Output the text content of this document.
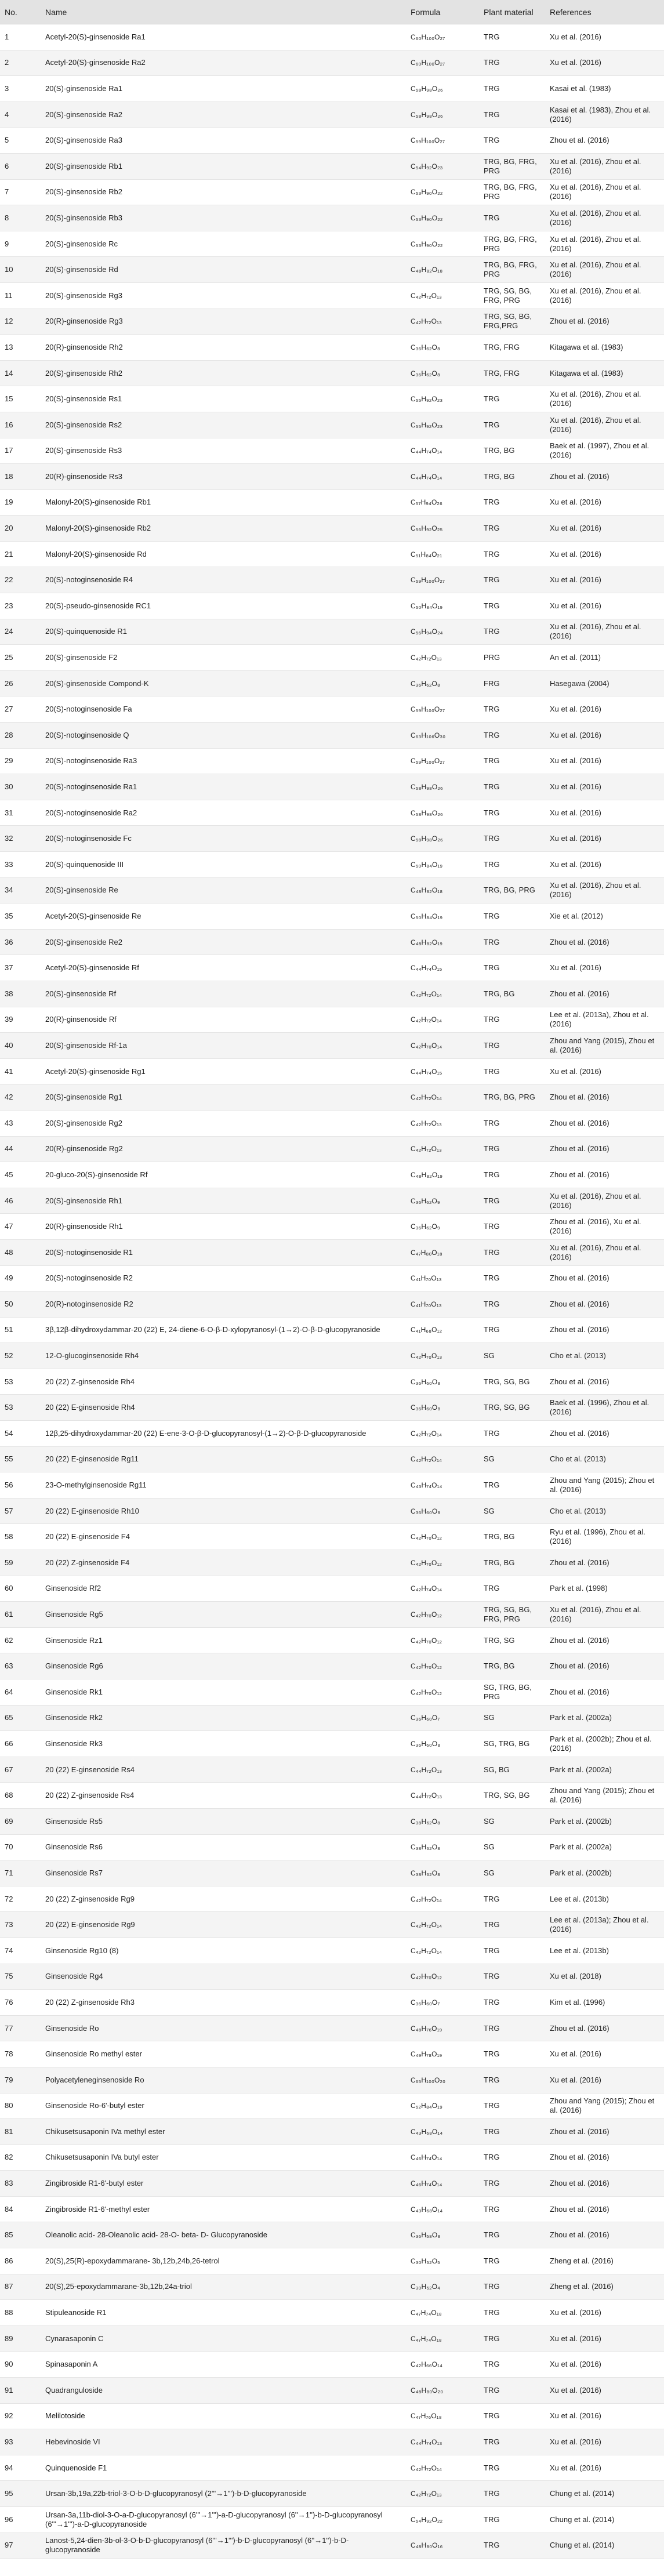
No.	Name	Formula	Plant material	References
1	Acetyl-20(S)-ginsenoside Ra1	C₆₀H₁₀₀O₂₇	TRG	Xu et al. (2016)
2	Acetyl-20(S)-ginsenoside Ra2	C₆₀H₁₀₀O₂₇	TRG	Xu et al. (2016)
3	20(S)-ginsenoside Ra1	C₅₈H₉₈O₂₆	TRG	Kasai et al. (1983)
4	20(S)-ginsenoside Ra2	C₅₈H₉₈O₂₆	TRG	Kasai et al. (1983), Zhou et al. (2016)
5	20(S)-ginsenoside Ra3	C₅₉H₁₀₀O₂₇	TRG	Zhou et al. (2016)
6	20(S)-ginsenoside Rb1	C₅₄H₉₂O₂₃	TRG, BG, FRG, PRG	Xu et al. (2016), Zhou et al. (2016)
7	20(S)-ginsenoside Rb2	C₅₃H₉₀O₂₂	TRG, BG, FRG, PRG	Xu et al. (2016), Zhou et al. (2016)
8	20(S)-ginsenoside Rb3	C₅₃H₉₀O₂₂	TRG	Xu et al. (2016), Zhou et al. (2016)
9	20(S)-ginsenoside Rc	C₅₃H₉₀O₂₂	TRG, BG, FRG, PRG	Xu et al. (2016), Zhou et al. (2016)
10	20(S)-ginsenoside Rd	C₄₈H₈₂O₁₈	TRG, BG, FRG, PRG	Xu et al. (2016), Zhou et al. (2016)
11	20(S)-ginsenoside Rg3	C₄₂H₇₂O₁₃	TRG, SG, BG, FRG, PRG	Xu et al. (2016), Zhou et al. (2016)
12	20(R)-ginsenoside Rg3	C₄₂H₇₂O₁₃	TRG, SG, BG, FRG,PRG	Zhou et al. (2016)
13	20(R)-ginsenoside Rh2	C₃₆H₆₂O₈	TRG, FRG	Kitagawa et al. (1983)
14	20(S)-ginsenoside Rh2	C₃₆H₆₂O₈	TRG, FRG	Kitagawa et al. (1983)
15	20(S)-ginsenoside Rs1	C₅₅H₉₂O₂₃	TRG	Xu et al. (2016), Zhou et al. (2016)
16	20(S)-ginsenoside Rs2	C₅₅H₉₂O₂₃	TRG	Xu et al. (2016), Zhou et al. (2016)
17	20(S)-ginsenoside Rs3	C₄₄H₇₄O₁₄	TRG, BG	Baek et al. (1997), Zhou et al. (2016)
18	20(R)-ginsenoside Rs3	C₄₄H₇₄O₁₄	TRG, BG	Zhou et al. (2016)
19	Malonyl-20(S)-ginsenoside Rb1	C₅₇H₉₄O₂₆	TRG	Xu et al. (2016)
20	Malonyl-20(S)-ginsenoside Rb2	C₅₆H₉₂O₂₅	TRG	Xu et al. (2016)
21	Malonyl-20(S)-ginsenoside Rd	C₅₁H₈₄O₂₁	TRG	Xu et al. (2016)
22	20(S)-notoginsenoside R4	C₅₉H₁₀₀O₂₇	TRG	Xu et al. (2016)
23	20(S)-pseudo-ginsenoside RC1	C₅₀H₈₄O₁₉	TRG	Xu et al. (2016)
24	20(S)-quinquenoside R1	C₅₆H₉₄O₂₄	TRG	Xu et al. (2016), Zhou et al. (2016)
25	20(S)-ginsenoside F2	C₄₂H₇₂O₁₃	PRG	An et al. (2011)
26	20(S)-ginsenoside Compond-K	C₃₆H₆₂O₈	FRG	Hasegawa (2004)
27	20(S)-notoginsenoside Fa	C₅₉H₁₀₀O₂₇	TRG	Xu et al. (2016)
28	20(S)-notoginsenoside Q	C₆₃H₁₀₆O₃₀	TRG	Xu et al. (2016)
29	20(S)-notoginsenoside Ra3	C₅₉H₁₀₀O₂₇	TRG	Xu et al. (2016)
30	20(S)-notoginsenoside Ra1	C₅₈H₉₈O₂₆	TRG	Xu et al. (2016)
31	20(S)-notoginsenoside Ra2	C₅₈H₉₈O₂₆	TRG	Xu et al. (2016)
32	20(S)-notoginsenoside Fc	C₅₈H₉₈O₂₆	TRG	Xu et al. (2016)
33	20(S)-quinquenoside III	C₅₀H₈₄O₁₉	TRG	Xu et al. (2016)
34	20(S)-ginsenoside Re	C₄₈H₈₂O₁₈	TRG, BG, PRG	Xu et al. (2016), Zhou et al. (2016)
35	Acetyl-20(S)-ginsenoside Re	C₅₀H₈₄O₁₉	TRG	Xie et al. (2012)
36	20(S)-ginsenoside Re2	C₄₈H₈₂O₁₉	TRG	Zhou et al. (2016)
37	Acetyl-20(S)-ginsenoside Rf	C₄₄H₇₄O₁₅	TRG	Xu et al. (2016)
38	20(S)-ginsenoside Rf	C₄₂H₇₂O₁₄	TRG, BG	Zhou et al. (2016)
39	20(R)-ginsenoside Rf	C₄₂H₇₂O₁₄	TRG	Lee et al. (2013a), Zhou et al. (2016)
40	20(S)-ginsenoside Rf-1a	C₄₂H₇₀O₁₄	TRG	Zhou and Yang (2015), Zhou et al. (2016)
41	Acetyl-20(S)-ginsenoside Rg1	C₄₄H₇₄O₁₅	TRG	Xu et al. (2016)
42	20(S)-ginsenoside Rg1	C₄₂H₇₂O₁₄	TRG, BG, PRG	Zhou et al. (2016)
43	20(S)-ginsenoside Rg2	C₄₂H₇₂O₁₃	TRG	Zhou et al. (2016)
44	20(R)-ginsenoside Rg2	C₄₂H₇₂O₁₃	TRG	Zhou et al. (2016)
45	20-gluco-20(S)-ginsenoside Rf	C₄₈H₈₂O₁₉	TRG	Zhou et al. (2016)
46	20(S)-ginsenoside Rh1	C₃₆H₆₂O₉	TRG	Xu et al. (2016), Zhou et al. (2016)
47	20(R)-ginsenoside Rh1	C₃₆H₆₂O₉	TRG	Zhou et al. (2016), Xu et al. (2016)
48	20(S)-notoginsenoside R1	C₄₇H₈₀O₁₈	TRG	Xu et al. (2016), Zhou et al. (2016)
49	20(S)-notoginsenoside R2	C₄₁H₇₀O₁₃	TRG	Zhou et al. (2016)
50	20(R)-notoginsenoside R2	C₄₁H₇₀O₁₃	TRG	Zhou et al. (2016)
51	3β,12β-dihydroxydammar-20 (22) E, 24-diene-6-O-β-D-xylopyranosyl-(1→2)-O-β-D-glucopyranoside	C₄₁H₆₈O₁₂	TRG	Zhou et al. (2016)
52	12-O-glucoginsenoside Rh4	C₄₂H₇₀O₁₃	SG	Cho et al. (2013)
53	20 (22) Z-ginsenoside Rh4	C₃₆H₆₀O₈	TRG, SG, BG	Zhou et al. (2016)
53	20 (22) E-ginsenoside Rh4	C₃₆H₆₀O₈	TRG, SG, BG	Baek et al. (1996), Zhou et al. (2016)
54	12β,25-dihydroxydammar-20 (22) E-ene-3-O-β-D-glucopyranosyl-(1→2)-O-β-D-glucopyranoside	C₄₂H₇₂O₁₄	TRG	Zhou et al. (2016)
55	20 (22) E-ginsenoside Rg11	C₄₂H₇₂O₁₄	SG	Cho et al. (2013)
56	23-O-methylginsenoside Rg11	C₄₃H₇₄O₁₄	TRG	Zhou and Yang (2015); Zhou et al. (2016)
57	20 (22) E-ginsenoside Rh10	C₃₆H₆₀O₈	SG	Cho et al. (2013)
58	20 (22) E-ginsenoside F4	C₄₂H₇₀O₁₂	TRG, BG	Ryu et al. (1996), Zhou et al. (2016)
59	20 (22) Z-ginsenoside F4	C₄₂H₇₀O₁₂	TRG, BG	Zhou et al. (2016)
60	Ginsenoside Rf2	C₄₂H₇₄O₁₄	TRG	Park et al. (1998)
61	Ginsenoside Rg5	C₄₂H₇₀O₁₂	TRG, SG, BG, FRG, PRG	Xu et al. (2016), Zhou et al. (2016)
62	Ginsenoside Rz1	C₄₂H₇₀O₁₂	TRG, SG	Zhou et al. (2016)
63	Ginsenoside Rg6	C₄₂H₇₀O₁₂	TRG, BG	Zhou et al. (2016)
64	Ginsenoside Rk1	C₄₂H₇₀O₁₂	SG, TRG, BG, PRG	Zhou et al. (2016)
65	Ginsenoside Rk2	C₃₆H₆₀O₇	SG	Park et al. (2002a)
66	Ginsenoside Rk3	C₃₆H₆₀O₈	SG, TRG, BG	Park et al. (2002b); Zhou et al. (2016)
67	20 (22) E-ginsenoside Rs4	C₄₄H₇₂O₁₃	SG, BG	Park et al. (2002a)
68	20 (22) Z-ginsenoside Rs4	C₄₄H₇₂O₁₃	TRG, SG, BG	Zhou and Yang (2015); Zhou et al. (2016)
69	Ginsenoside Rs5	C₃₈H₆₂O₈	SG	Park et al. (2002b)
70	Ginsenoside Rs6	C₃₈H₆₂O₈	SG	Park et al. (2002a)
71	Ginsenoside Rs7	C₃₈H₆₂O₈	SG	Park et al. (2002b)
72	20 (22) Z-ginsenoside Rg9	C₄₂H₇₂O₁₄	TRG	Lee et al. (2013b)
73	20 (22) E-ginsenoside Rg9	C₄₂H₇₂O₁₄	TRG	Lee et al. (2013a); Zhou et al. (2016)
74	Ginsenoside Rg10 (8)	C₄₂H₇₂O₁₄	TRG	Lee et al. (2013b)
75	Ginsenoside Rg4	C₄₂H₇₀O₁₂	TRG	Xu et al. (2018)
76	20 (22) Z-ginsenoside Rh3	C₃₆H₆₀O₇	TRG	Kim et al. (1996)
77	Ginsenoside Ro	C₄₈H₇₆O₁₉	TRG	Zhou et al. (2016)
78	Ginsenoside Ro methyl ester	C₄₉H₇₈O₁₉	TRG	Xu et al. (2016)
79	Polyacetyleneginsenoside Ro	C₆₅H₁₀₀O₂₀	TRG	Xu et al. (2016)
80	Ginsenoside Ro-6'-butyl ester	C₅₂H₈₄O₁₉	TRG	Zhou and Yang (2015); Zhou et al. (2016)
81	Chikusetsusaponin IVa methyl ester	C₄₃H₆₈O₁₄	TRG	Zhou et al. (2016)
82	Chikusetsusaponin IVa butyl ester	C₄₆H₇₄O₁₄	TRG	Zhou et al. (2016)
83	Zingibroside R1-6'-butyl ester	C₄₆H₇₄O₁₄	TRG	Zhou et al. (2016)
84	Zingibroside R1-6'-methyl ester	C₄₃H₆₈O₁₄	TRG	Zhou et al. (2016)
85	Oleanolic acid- 28-Oleanolic acid- 28-O- beta- D- Glucopyranoside	C₃₆H₅₈O₈	TRG	Zhou et al. (2016)
86	20(S),25(R)-epoxydammarane- 3b,12b,24b,26-tetrol	C₃₀H₅₂O₅	TRG	Zheng et al. (2016)
87	20(S),25-epoxydammarane-3b,12b,24a-triol	C₃₀H₅₂O₄	TRG	Zheng et al. (2016)
88	Stipuleanoside R1	C₄₇H₇₄O₁₈	TRG	Xu et al. (2016)
89	Cynarasaponin C	C₄₇H₇₄O₁₈	TRG	Xu et al. (2016)
90	Spinasaponin A	C₄₂H₆₆O₁₄	TRG	Xu et al. (2016)
91	Quadranguloside	C₄₈H₈₀O₂₀	TRG	Xu et al. (2016)
92	Melilotoside	C₄₇H₇₆O₁₈	TRG	Xu et al. (2016)
93	Hebevinoside VI	C₄₄H₇₄O₁₃	TRG	Xu et al. (2016)
94	Quinquenoside F1	C₄₂H₇₂O₁₄	TRG	Xu et al. (2016)
95	Ursan-3b,19a,22b-triol-3-O-b-D-glucopyranosyl (2'''→1''')-b-D-glucopyranoside	C₄₂H₇₂O₁₃	TRG	Chung et al. (2014)
96	Ursan-3a,11b-diol-3-O-a-D-glucopyranosyl (6'''→1''')-a-D-glucopyranosyl (6''→1'')-b-D-glucopyranosyl (6'''→1''')-a-D-glucopyranoside	C₅₄H₉₂O₂₂	TRG	Chung et al. (2014)
97	Lanost-5,24-dien-3b-ol-3-O-b-D-glucopyranosyl (6'''→1''')-b-D-glucopyranosyl (6''→1'')-b-D-glucopyranoside	C₄₈H₈₀O₁₆	TRG	Chung et al. (2014)
